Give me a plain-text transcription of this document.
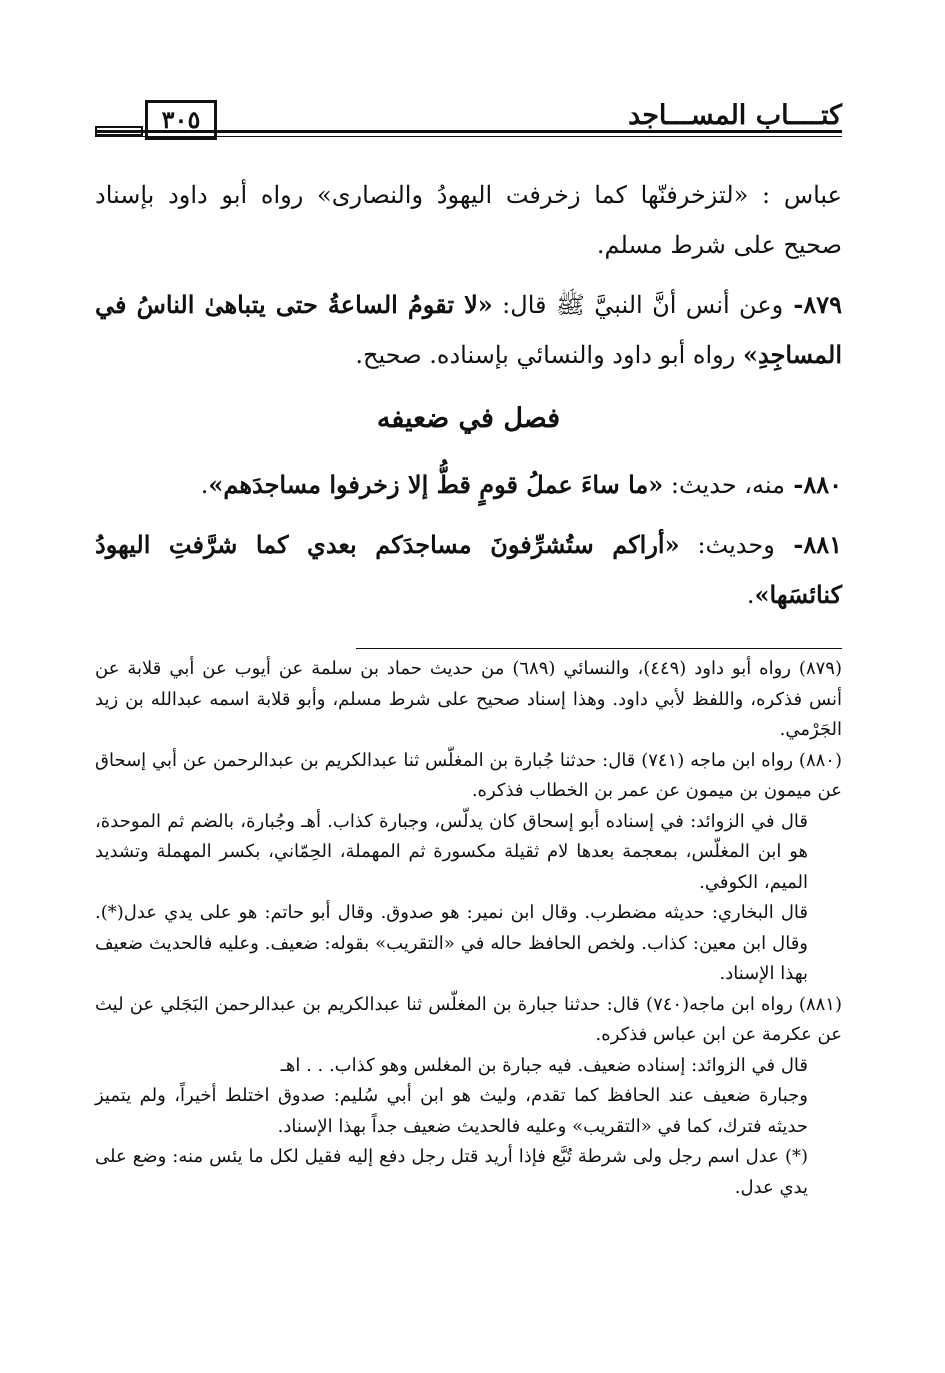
كتــــاب المســـاجد
٣٠٥

عباس : «لتزخرفنّها كما زخرفت اليهودُ والنصارى» رواه أبو داود بإسناد صحيح على شرط مسلم.

٨٧٩- وعن أنس أنَّ النبيَّ ﷺ قال: «لا تقومُ الساعةُ حتى يتباهىٰ الناسُ في المساجِدِ» رواه أبو داود والنسائي بإسناده. صحيح.

فصل في ضعيفه

٨٨٠- منه، حديث: «ما ساءَ عملُ قومٍ قطُّ إلا زخرفوا مساجدَهم».

٨٨١- وحديث: «أراكم ستُشرِّفونَ مساجدَكم بعدي كما شرَّفتِ اليهودُ كنائسَها».

(٨٧٩) رواه أبو داود (٤٤٩)، والنسائي (٦٨٩) من حديث حماد بن سلمة عن أيوب عن أبي قلابة عن أنس فذكره، واللفظ لأبي داود. وهذا إسناد صحيح على شرط مسلم، وأبو قلابة اسمه عبدالله بن زيد الجَرْمي.

(٨٨٠) رواه ابن ماجه (٧٤١) قال: حدثنا جُبارة بن المغلّس ثنا عبدالكريم بن عبدالرحمن عن أبي إسحاق عن ميمون بن ميمون عن عمر بن الخطاب فذكره.

قال في الزوائد: في إسناده أبو إسحاق كان يدلّس، وجبارة كذاب. أهـ وجُبارة، بالضم ثم الموحدة، هو ابن المغلّس، بمعجمة بعدها لام ثقيلة مكسورة ثم المهملة، الحِمّاني، بكسر المهملة وتشديد الميم، الكوفي.

قال البخاري: حديثه مضطرب. وقال ابن نمير: هو صدوق. وقال أبو حاتم: هو على يدي عدل(*). وقال ابن معين: كذاب. ولخص الحافظ حاله في «التقريب» بقوله: ضعيف. وعليه فالحديث ضعيف بهذا الإسناد.

(٨٨١) رواه ابن ماجه(٧٤٠) قال: حدثنا جبارة بن المغلّس ثنا عبدالكريم بن عبدالرحمن البَجَلي عن ليث عن عكرمة عن ابن عباس فذكره.

قال في الزوائد: إسناده ضعيف. فيه جبارة بن المغلس وهو كذاب. . . اهـ

وجبارة ضعيف عند الحافظ كما تقدم، وليث هو ابن أبي سُليم: صدوق اختلط أخيراً، ولم يتميز حديثه فترك، كما في «التقريب» وعليه فالحديث ضعيف جداً بهذا الإسناد.

(*) عدل اسم رجل ولى شرطة تُبَّع فإذا أريد قتل رجل دفع إليه فقيل لكل ما يئس منه: وضع على يدي عدل.
